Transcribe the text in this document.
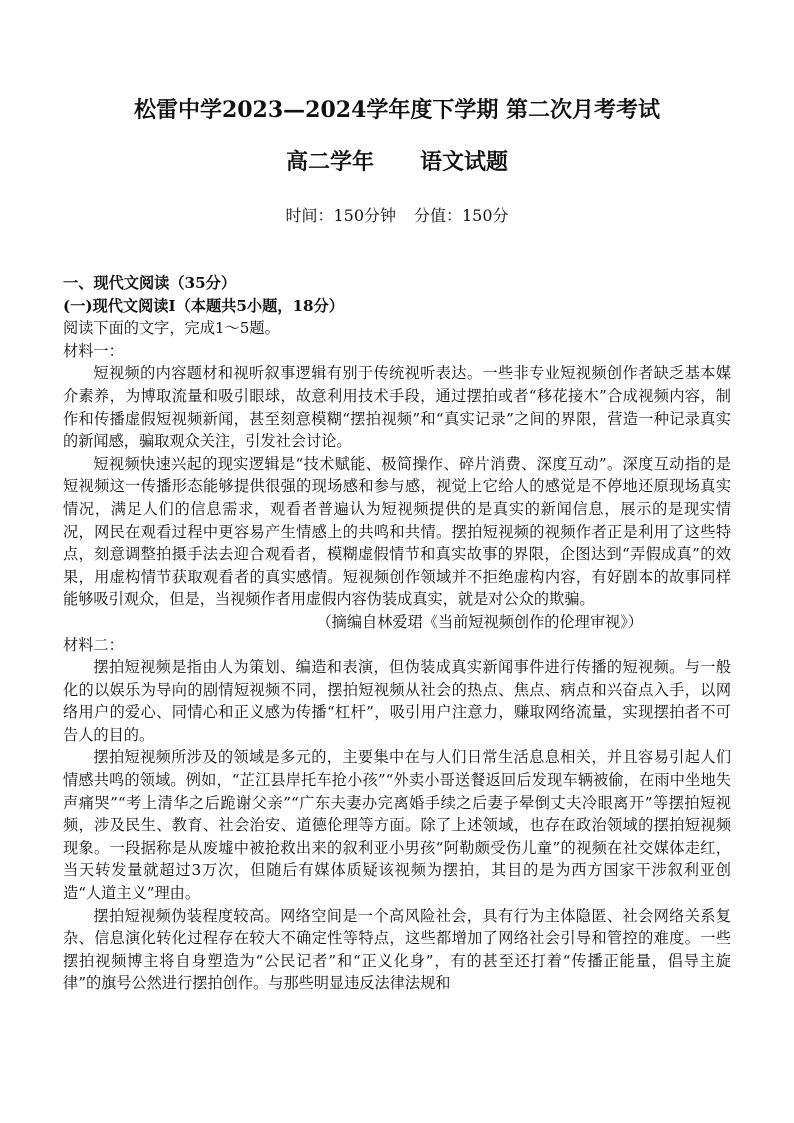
松雷中学2023—2024学年度下学期 第二次月考考试
高二学年 语文试题
时间：150分钟 分值：150分

一、现代文阅读（35分）

(一)现代文阅读Ⅰ（本题共5小题，18分）

阅读下面的文字，完成1～5题。

材料一：

短视频的内容题材和视听叙事逻辑有别于传统视听表达。一些非专业短视频创作者缺乏基本媒介素养，为博取流量和吸引眼球，故意利用技术手段，通过摆拍或者“移花接木”合成视频内容，制作和传播虚假短视频新闻，甚至刻意模糊“摆拍视频”和“真实记录”之间的界限，营造一种记录真实的新闻感，骗取观众关注，引发社会讨论。

短视频快速兴起的现实逻辑是“技术赋能、极简操作、碎片消费、深度互动”。深度互动指的是短视频这一传播形态能够提供很强的现场感和参与感，视觉上它给人的感觉是不停地还原现场真实情况，满足人们的信息需求，观看者普遍认为短视频提供的是真实的新闻信息，展示的是现实情况，网民在观看过程中更容易产生情感上的共鸣和共情。摆拍短视频的视频作者正是利用了这些特点，刻意调整拍摄手法去迎合观看者，模糊虚假情节和真实故事的界限，企图达到“弄假成真”的效果，用虚构情节获取观看者的真实感情。短视频创作领域并不拒绝虚构内容，有好剧本的故事同样能够吸引观众，但是，当视频作者用虚假内容伪装成真实，就是对公众的欺骗。

（摘编自林爱珺《当前短视频创作的伦理审视》）

材料二：

摆拍短视频是指由人为策划、编造和表演，但伪装成真实新闻事件进行传播的短视频。与一般化的以娱乐为导向的剧情短视频不同，摆拍短视频从社会的热点、焦点、病点和兴奋点入手，以网络用户的爱心、同情心和正义感为传播“杠杆”，吸引用户注意力，赚取网络流量，实现摆拍者不可告人的目的。

摆拍短视频所涉及的领域是多元的，主要集中在与人们日常生活息息相关，并且容易引起人们情感共鸣的领域。例如，“芷江县岸托车抢小孩”“外卖小哥送餐返回后发现车辆被偷，在雨中坐地失声痛哭”“考上清华之后跪谢父亲”“广东夫妻办完离婚手续之后妻子晕倒丈夫冷眼离开”等摆拍短视频，涉及民生、教育、社会治安、道德伦理等方面。除了上述领域，也存在政治领域的摆拍短视频现象。一段据称是从废墟中被抢救出来的叙利亚小男孩“阿勒颇受伤儿童”的视频在社交媒体走红，当天转发量就超过3万次，但随后有媒体质疑该视频为摆拍，其目的是为西方国家干涉叙利亚创造“人道主义”理由。

摆拍短视频伪装程度较高。网络空间是一个高风险社会，具有行为主体隐匿、社会网络关系复杂、信息演化转化过程存在较大不确定性等特点，这些都增加了网络社会引导和管控的难度。一些摆拍视频博主将自身塑造为“公民记者”和“正义化身”，有的甚至还打着“传播正能量，倡导主旋律”的旗号公然进行摆拍创作。与那些明显违反法律法规和
